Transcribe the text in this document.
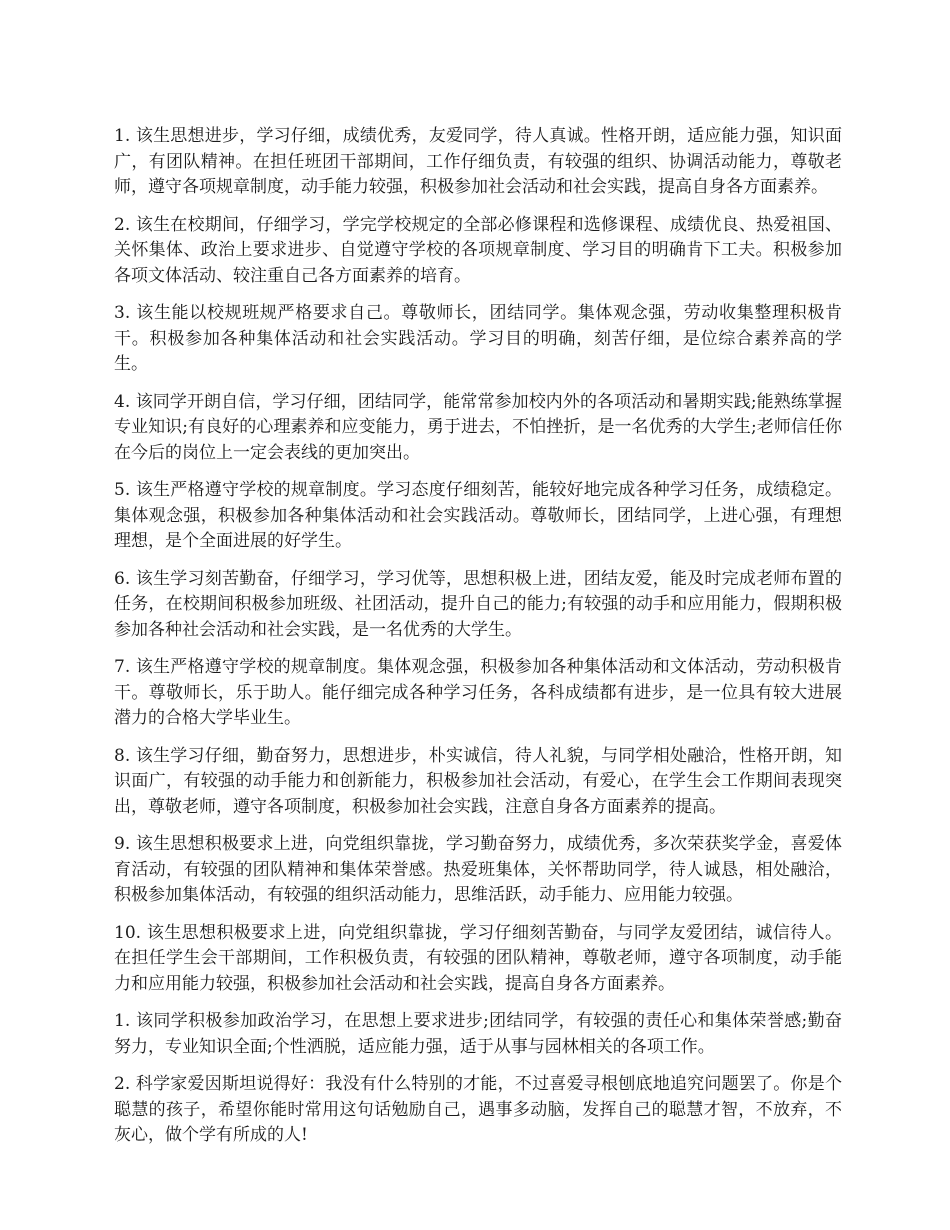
1. 该生思想进步，学习仔细，成绩优秀，友爱同学，待人真诚。性格开朗，适应能力强，知识面广，有团队精神。在担任班团干部期间，工作仔细负责，有较强的组织、协调活动能力，尊敬老师，遵守各项规章制度，动手能力较强，积极参加社会活动和社会实践，提高自身各方面素养。

2. 该生在校期间，仔细学习，学完学校规定的全部必修课程和选修课程、成绩优良、热爱祖国、关怀集体、政治上要求进步、自觉遵守学校的各项规章制度、学习目的明确肯下工夫。积极参加各项文体活动、较注重自己各方面素养的培育。

3. 该生能以校规班规严格要求自己。尊敬师长，团结同学。集体观念强，劳动收集整理积极肯干。积极参加各种集体活动和社会实践活动。学习目的明确，刻苦仔细，是位综合素养高的学生。

4. 该同学开朗自信，学习仔细，团结同学，能常常参加校内外的各项活动和暑期实践;能熟练掌握专业知识;有良好的心理素养和应变能力，勇于进去，不怕挫折，是一名优秀的大学生;老师信任你在今后的岗位上一定会表线的更加突出。

5. 该生严格遵守学校的规章制度。学习态度仔细刻苦，能较好地完成各种学习任务，成绩稳定。集体观念强，积极参加各种集体活动和社会实践活动。尊敬师长，团结同学，上进心强，有理想理想，是个全面进展的好学生。

6. 该生学习刻苦勤奋，仔细学习，学习优等，思想积极上进，团结友爱，能及时完成老师布置的任务，在校期间积极参加班级、社团活动，提升自己的能力;有较强的动手和应用能力，假期积极参加各种社会活动和社会实践，是一名优秀的大学生。

7. 该生严格遵守学校的规章制度。集体观念强，积极参加各种集体活动和文体活动，劳动积极肯干。尊敬师长，乐于助人。能仔细完成各种学习任务，各科成绩都有进步，是一位具有较大进展潜力的合格大学毕业生。

8. 该生学习仔细，勤奋努力，思想进步，朴实诚信，待人礼貌，与同学相处融洽，性格开朗，知识面广，有较强的动手能力和创新能力，积极参加社会活动，有爱心，在学生会工作期间表现突出，尊敬老师，遵守各项制度，积极参加社会实践，注意自身各方面素养的提高。

9. 该生思想积极要求上进，向党组织靠拢，学习勤奋努力，成绩优秀，多次荣获奖学金，喜爱体育活动，有较强的团队精神和集体荣誉感。热爱班集体，关怀帮助同学，待人诚恳，相处融洽，积极参加集体活动，有较强的组织活动能力，思维活跃，动手能力、应用能力较强。

10. 该生思想积极要求上进，向党组织靠拢，学习仔细刻苦勤奋，与同学友爱团结，诚信待人。在担任学生会干部期间，工作积极负责，有较强的团队精神，尊敬老师，遵守各项制度，动手能力和应用能力较强，积极参加社会活动和社会实践，提高自身各方面素养。

1. 该同学积极参加政治学习，在思想上要求进步;团结同学，有较强的责任心和集体荣誉感;勤奋努力，专业知识全面;个性洒脱，适应能力强，适于从事与园林相关的各项工作。

2. 科学家爱因斯坦说得好：我没有什么特别的才能，不过喜爱寻根刨底地追究问题罢了。你是个聪慧的孩子，希望你能时常用这句话勉励自己，遇事多动脑，发挥自己的聪慧才智，不放弃，不灰心，做个学有所成的人!
